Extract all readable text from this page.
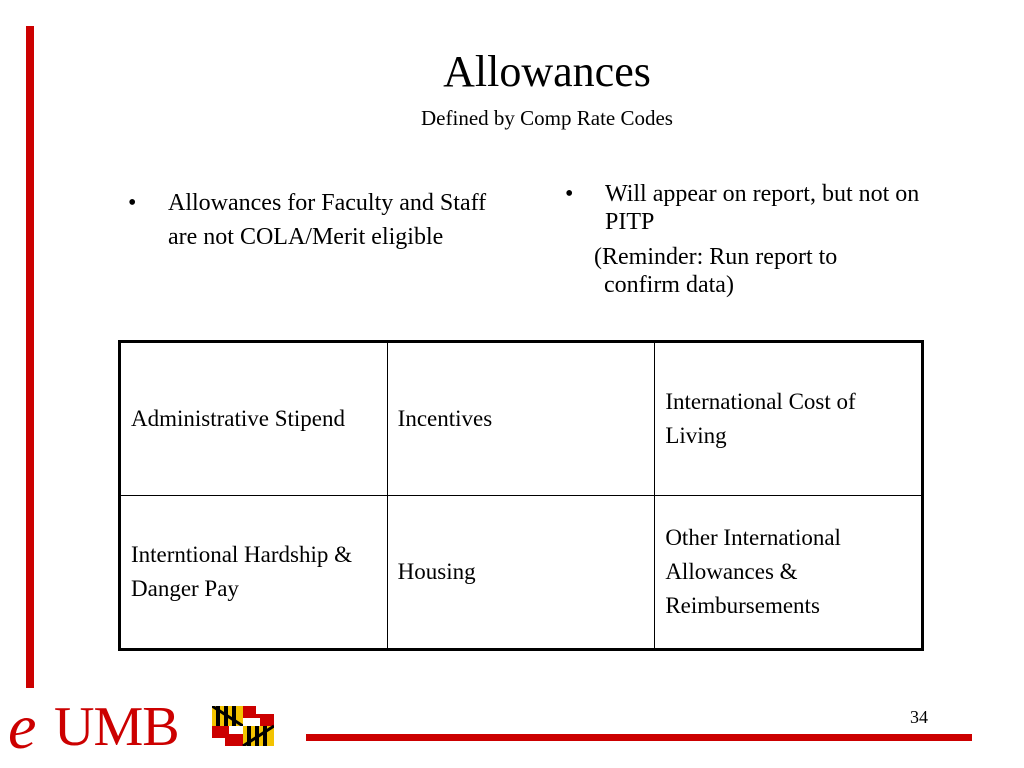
Allowances
Defined by Comp Rate Codes
• Allowances for Faculty and Staff are not COLA/Merit eligible
• Will appear on report, but not on PITP
(Reminder: Run report to
confirm data)
Administrative Stipend	Incentives	International Cost of Living
Interntional Hardship & Danger Pay	Housing	Other International Allowances & Reimbursements
e UMB	34
